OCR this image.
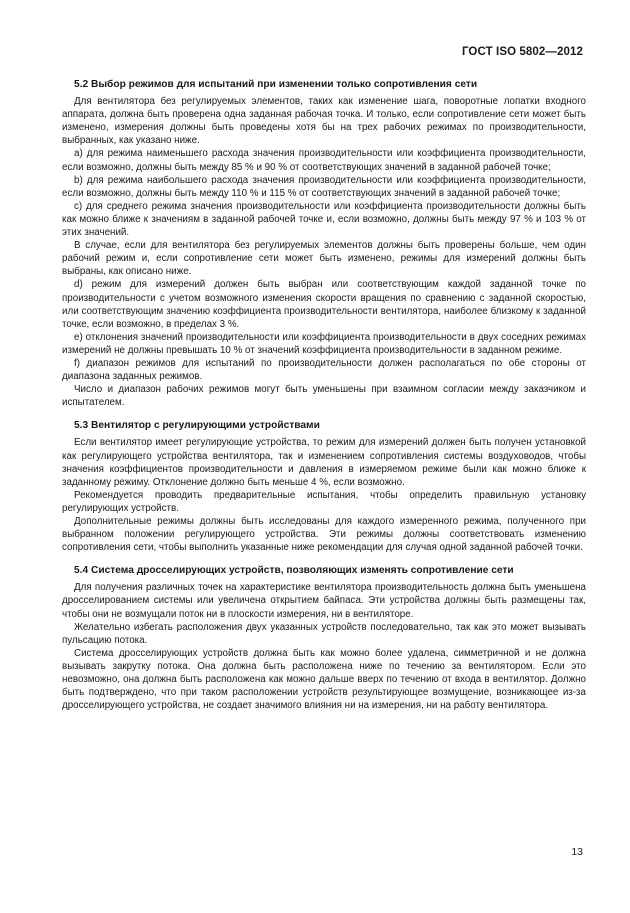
ГОСТ ISO 5802—2012
5.2 Выбор режимов для испытаний при изменении только сопротивления сети

Для вентилятора без регулируемых элементов, таких как изменение шага, поворотные лопатки входного аппарата, должна быть проверена одна заданная рабочая точка. И только, если сопротивление сети может быть изменено, измерения должны быть проведены хотя бы на трех рабочих режимах по производительности, выбранных, как указано ниже.

а) для режима наименьшего расхода значения производительности или коэффициента производительности, если возможно, должны быть между 85 % и 90 % от соответствующих значений в заданной рабочей точке;

b) для режима наибольшего расхода значения производительности или коэффициента производительности, если возможно, должны быть между 110 % и 115 % от соответствующих значений в заданной рабочей точке;

c) для среднего режима значения производительности или коэффициента производительности должны быть как можно ближе к значениям в заданной рабочей точке и, если возможно, должны быть между 97 % и 103 % от этих значений.

В случае, если для вентилятора без регулируемых элементов должны быть проверены больше, чем один рабочий режим и, если сопротивление сети может быть изменено, режимы для измерений должны быть выбраны, как описано ниже.

d) режим для измерений должен быть выбран или соответствующим каждой заданной точке по производительности с учетом возможного изменения скорости вращения по сравнению с заданной скоростью, или соответствующим значению коэффициента производительности вентилятора, наиболее близкому к заданной точке, если возможно, в пределах 3 %.

e) отклонения значений производительности или коэффициента производительности в двух соседних режимах измерений не должны превышать 10 % от значений коэффициента производительности в заданном режиме.

f) диапазон режимов для испытаний по производительности должен располагаться по обе стороны от диапазона заданных режимов.

Число и диапазон рабочих режимов могут быть уменьшены при взаимном согласии между заказчиком и испытателем.

5.3 Вентилятор с регулирующими устройствами

Если вентилятор имеет регулирующие устройства, то режим для измерений должен быть получен установкой как регулирующего устройства вентилятора, так и изменением сопротивления системы воздуховодов, чтобы значения коэффициентов производительности и давления в измеряемом режиме были как можно ближе к заданному режиму. Отклонение должно быть меньше 4 %, если возможно.

Рекомендуется проводить предварительные испытания, чтобы определить правильную установку регулирующих устройств.

Дополнительные режимы должны быть исследованы для каждого измеренного режима, полученного при выбранном положении регулирующего устройства. Эти режимы должны соответствовать изменению сопротивления сети, чтобы выполнить указанные ниже рекомендации для случая одной заданной рабочей точки.

5.4 Система дросселирующих устройств, позволяющих изменять сопротивление сети

Для получения различных точек на характеристике вентилятора производительность должна быть уменьшена дросселированием системы или увеличена открытием байпаса. Эти устройства должны быть размещены так, чтобы они не возмущали поток ни в плоскости измерения, ни в вентиляторе.

Желательно избегать расположения двух указанных устройств последовательно, так как это может вызывать пульсацию потока.

Система дросселирующих устройств должна быть как можно более удалена, симметричной и не должна вызывать закрутку потока. Она должна быть расположена ниже по течению за вентилятором. Если это невозможно, она должна быть расположена как можно дальше вверх по течению от входа в вентилятор. Должно быть подтверждено, что при таком расположении устройств результирующее возмущение, возникающее из-за дросселирующего устройства, не создает значимого влияния ни на измерения, ни на работу вентилятора.

13
